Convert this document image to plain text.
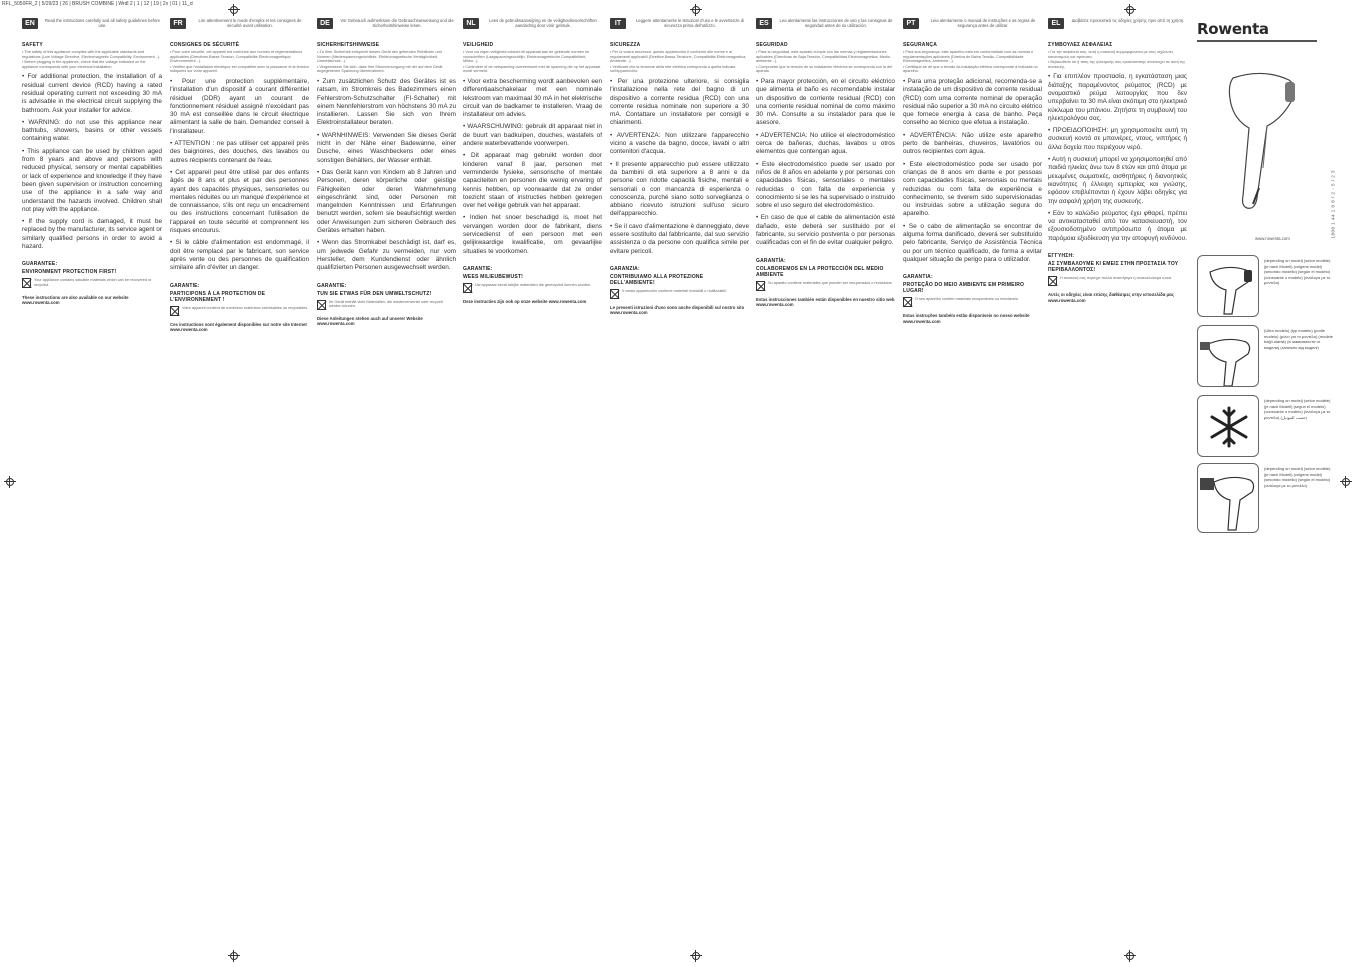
RFL_5050FR_2 | 5/29/23 | 26 | BRUSH COMBINE | Wrdl 2 | 1 | 12 | 19 | 2x | 01 | 11_d
EN	Read the instructions carefully and all safety guidelines before use.
SAFETY
• The safety of this appliance complies with the applicable standards and regulations (Low Voltage Directive, Electromagnetic Compatibility, Environment...).
• Before plugging in the appliance, check that the voltage indicated on the appliance corresponds with your electrical installation.
• For additional protection, the installation of a residual current device (RCD) having a rated residual operating current not exceeding 30 mA is advisable in the electrical circuit supplying the bathroom. Ask your installer for advice.
• WARNING: do not use this appliance near bathtubs, showers, basins or other vessels containing water.
• This appliance can be used by children aged from 8 years and above and persons with reduced physical, sensory or mental capabilities or lack of experience and knowledge if they have been given supervision or instruction concerning use of the appliance in a safe way and understand the hazards involved. Children shall not play with the appliance.
• If the supply cord is damaged, it must be replaced by the manufacturer, its service agent or similarly qualified persons in order to avoid a hazard.
GUARANTEE:
ENVIRONMENT PROTECTION FIRST!
Your appliance contains valuable materials which can be recovered or recycled.
These instructions are also available on our website www.rowenta.com
FR	Lire attentivement le mode d'emploi et les consignes de sécurité avant utilisation.
CONSIGNES DE SÉCURITÉ
• Pour votre sécurité, cet appareil est conforme aux normes et réglementations applicables (Directives Basse Tension, Compatibilité Électromagnétique, Environnement...).
• Vérifiez que l'installation électrique est compatible avec la puissance et la tension indiquées sur votre appareil.
• Pour une protection supplémentaire, l'installation d'un dispositif à courant différentiel résiduel (DDR) ayant un courant de fonctionnement résiduel assigné n'excédant pas 30 mA est conseillée dans le circuit électrique alimentant la salle de bain. Demandez conseil à l'installateur.
• ATTENTION : ne pas utiliser cet appareil près des baignoires, des douches, des lavabos ou autres récipients contenant de l'eau.
• Cet appareil peut être utilisé par des enfants âgés de 8 ans et plus et par des personnes ayant des capacités physiques, sensorielles ou mentales réduites ou un manque d'expérience et de connaissance, s'ils ont reçu un encadrement ou des instructions concernant l'utilisation de l'appareil en toute sécurité et comprennent les risques encourus.
• Si le câble d'alimentation est endommagé, il doit être remplacé par le fabricant, son service après vente ou des personnes de qualification similaire afin d'éviter un danger.
GARANTIE:
PARTICIPONS À LA PROTECTION DE L'ENVIRONNEMENT !
Votre appareil contient de nombreux matériaux valorisables ou recyclables.
Ces instructions sont également disponibles sur notre site Internet www.rowenta.com
DE	Vor Gebrauch aufmerksam die Gebrauchsanweisung und die Sicherheitshinweise lesen.
SICHERHEITSHINWEISE
• Zu Ihrer Sicherheit entspricht dieses Gerät den geltenden Richtlinien und Normen (Niederspannungsrichtlinie, Elektromagnetische Verträglichkeit, Umweltschutz...).
• Vergewissern Sie sich, dass Ihre Stromversorgung mit der auf dem Gerät angegebenen Spannung übereinstimmt.
• Zum zusätzlichen Schutz des Gerätes ist es ratsam, im Stromkreis des Badezimmers einen Fehlerstrom-Schutzschalter (FI-Schalter) mit einem Nennfehlerstrom von höchstens 30 mA zu installieren. Lassen Sie sich von Ihrem Elektroinstallateur beraten.
• WARNHINWEIS: Verwenden Sie dieses Gerät nicht in der Nähe einer Badewanne, einer Dusche, eines Waschbeckens oder eines sonstigen Behälters, der Wasser enthält.
• Das Gerät kann von Kindern ab 8 Jahren und Personen, deren körperliche oder geistige Fähigkeiten oder deren Wahrnehmung eingeschränkt sind, oder Personen mit mangelnden Kenntnissen und Erfahrungen benutzt werden, sofern sie beaufsichtigt werden oder Anweisungen zum sicheren Gebrauch des Gerätes erhalten haben.
• Wenn das Stromkabel beschädigt ist, darf es, um jedwede Gefahr zu vermeiden, nur vom Hersteller, dem Kundendienst oder ähnlich qualifizierten Personen ausgewechselt werden.
GARANTIE:
TUN SIE ETWAS FÜR DEN UMWELTSCHUTZ!
Ihr Gerät enthält viele Materialien, die wiederverwertet oder recycelt werden können.
Diese Anleitungen stehen auch auf unserer Website www.rowenta.com
NL	Lees de gebruiksaanwijzing en de veiligheidsvoorschriften aandachtig door vóór gebruik.
VEILIGHEID
• Voor uw eigen veiligheid voldoet dit apparaat aan de geldende normen en voorschriften (Laagspanningsrichtlijn, Elektromagnetische Compatibiliteit, Milieu...).
• Controleer of de netspanning overeenkomt met de spanning die op het apparaat wordt vermeld.
• Voor extra bescherming wordt aanbevolen een differentiaalschakelaar met een nominale lekstroom van maximaal 30 mA in het elektrische circuit van de badkamer te installeren. Vraag de installateur om advies.
• WAARSCHUWING: gebruik dit apparaat niet in de buurt van badkuipen, douches, wastafels of andere waterbevattende voorwerpen.
• Dit apparaat mag gebruikt worden door kinderen vanaf 8 jaar, personen met verminderde fysieke, sensorische of mentale capaciteiten en personen die weinig ervaring of kennis hebben, op voorwaarde dat ze onder toezicht staan of instructies hebben gekregen over het veilige gebruik van het apparaat.
• Indien het snoer beschadigd is, moet het vervangen worden door de fabrikant, diens servicedienst of een persoon met een gelijkwaardige kwalificatie, om gevaarlijke situaties te voorkomen.
GARANTIE:
WEES MILIEUBEWUST!
Uw apparaat bevat talrijke materialen die gerecycled kunnen worden.
Deze instructies zijn ook op onze website www.rowenta.com
IT	Leggere attentamente le istruzioni d'uso e le avvertenze di sicurezza prima dell'utilizzo.
SICUREZZA
• Per la vostra sicurezza, questo apparecchio è conforme alle norme e ai regolamenti applicabili (Direttive Bassa Tensione, Compatibilità Elettromagnetica, Ambiente...).
• Verificare che la tensione della rete elettrica corrisponda a quella indicata sull'apparecchio.
• Per una protezione ulteriore, si consiglia l'installazione nella rete del bagno di un dispositivo a corrente residua (RCD) con una corrente residua nominale non superiore a 30 mA. Contattare un installatore per consigli e chiarimenti.
• AVVERTENZA: Non utilizzare l'apparecchio vicino a vasche da bagno, docce, lavabi o altri contenitori d'acqua.
• Il presente apparecchio può essere utilizzato da bambini di età superiore a 8 anni e da persone con ridotte capacità fisiche, mentali e sensoriali o con mancanza di esperienza o conoscenza, purché siano sotto sorveglianza o abbiano ricevuto istruzioni sull'uso sicuro dell'apparecchio.
• Se il cavo d'alimentazione è danneggiato, deve essere sostituito dal fabbricante, dal suo servizio assistenza o da persone con qualifica simile per evitare pericoli.
GARANZIA:
CONTRIBUIAMO ALLA PROTEZIONE DELL'AMBIENTE!
Il vostro apparecchio contiene materiali riciclabili o riutilizzabili.
Le presenti istruzioni d'uso sono anche disponibili sul nostro sito www.rowenta.com
ES	Lea atentamente las instrucciones de uso y las consignas de seguridad antes de su utilización.
SEGURIDAD
• Para su seguridad, este aparato cumple con las normas y reglamentaciones aplicables (Directivas de Baja Tensión, Compatibilidad Electromagnética, Medio ambiente...).
• Compruebe que la tensión de su instalación eléctrica se corresponda con la del aparato.
• Para mayor protección, en el circuito eléctrico que alimenta el baño es recomendable instalar un dispositivo de corriente residual (RCD) con una corriente residual nominal de como máximo 30 mA. Consulte a su instalador para que le asesore.
• ADVERTENCIA: No utilice el electrodoméstico cerca de bañeras, duchas, lavabos u otros elementos que contengan agua.
• Este electrodoméstico puede ser usado por niños de 8 años en adelante y por personas con capacidades físicas, sensoriales o mentales reducidas o con falta de experiencia y conocimiento si se les ha supervisado o instruido sobre el uso seguro del electrodoméstico.
• En caso de que el cable de alimentación esté dañado, este deberá ser sustituido por el fabricante, su servicio postventa o por personas cualificadas con el fin de evitar cualquier peligro.
GARANTÍA:
COLABOREMOS EN LA PROTECCIÓN DEL MEDIO AMBIENTE
Su aparato contiene materiales que pueden ser recuperados o reciclados.
Estas instrucciones también están disponibles en nuestro sitio web www.rowenta.com
PT	Leia atentamente o manual de instruções e as regras de segurança antes de utilizar.
SEGURANÇA
• Para sua segurança, este aparelho está em conformidade com as normas e regulamentações aplicáveis (Diretiva de Baixa Tensão, Compatibilidade Eletromagnética, Ambiente...).
• Certifique-se de que a tensão da instalação elétrica corresponde à indicada no aparelho.
• Para uma proteção adicional, recomenda-se a instalação de um dispositivo de corrente residual (RCD) com uma corrente nominal de operação residual não superior a 30 mA no circuito elétrico que fornece energia à casa de banho. Peça conselho ao técnico que efetua a instalação.
• ADVERTÊNCIA: Não utilize este aparelho perto de banheiras, chuveiros, lavatórios ou outros recipientes com água.
• Este electrodoméstico pode ser usado por crianças de 8 anos em diante e por pessoas com capacidades físicas, sensoriais ou mentais reduzidas ou com falta de experiência e conhecimento, se tiverem sido supervisionadas ou instruídas sobre a utilização segura do aparelho.
• Se o cabo de alimentação se encontrar de alguma forma danificado, deverá ser substituído pelo fabricante, Serviço de Assistência Técnica ou por um técnico qualificado, de forma a evitar qualquer situação de perigo para o utilizador.
GARANTIA:
PROTEÇÃO DO MEIO AMBIENTE EM PRIMEIRO LUGAR!
O seu aparelho contém materiais recuperáveis ou recicláveis.
Estas instruções também estão disponíveis no nosso website www.rowenta.com
EL	Διαβάστε προσεκτικά τις οδηγίες χρήσης πριν από τη χρήση.
ΣΥΜΒΟΥΛΕΣ ΑΣΦΑΛΕΙΑΣ
• Για την ασφάλειά σας, αυτή η συσκευή συμμορφώνεται με τους ισχύοντες κανονισμούς και πρότυπα.
• Βεβαιωθείτε ότι η τάση της ηλεκτρικής σας εγκατάστασης αντιστοιχεί σε αυτή της συσκευής.
• Για επιπλέον προστασία, η εγκατάσταση μιας διάταξης παραμένοντος ρεύματος (RCD) με ονομαστικό ρεύμα λειτουργίας που δεν υπερβαίνει τα 30 mA είναι σκόπιμη στο ηλεκτρικό κύκλωμα του μπάνιου. Ζητήστε τη συμβουλή του ηλεκτρολόγου σας.
• ΠΡΟΕΙΔΟΠΟΙΗΣΗ: μη χρησιμοποιείτε αυτή τη συσκευή κοντά σε μπανιέρες, ντους, νιπτήρες ή άλλα δοχεία που περιέχουν νερό.
• Αυτή η συσκευή μπορεί να χρησιμοποιηθεί από παιδιά ηλικίας άνω των 8 ετών και από άτομα με μειωμένες σωματικές, αισθητήριες ή διανοητικές ικανότητες ή έλλειψη εμπειρίας και γνώσης, εφόσον επιβλέπονται ή έχουν λάβει οδηγίες για την ασφαλή χρήση της συσκευής.
• Εάν το καλώδιο ρεύματος έχει φθαρεί, πρέπει να αντικατασταθεί από τον κατασκευαστή, τον εξουσιοδοτημένο αντιπρόσωπο ή άτομα με παρόμοια εξειδίκευση για την αποφυγή κινδύνου.
ΕΓΓΥΗΣΗ:
ΑΣ ΣΥΜΒΑΛΟΥΜΕ ΚΙ ΕΜΕΙΣ ΣΤΗΝ ΠΡΟΣΤΑΣΙΑ ΤΟΥ ΠΕΡΙΒΑΛΛΟΝΤΟΣ!
Η συσκευή σας περιέχει πολλά ανακτήσιμα ή ανακυκλώσιμα υλικά.
Αυτές οι οδηγίες είναι επίσης διαθέσιμες στην ιστοσελίδα μας www.rowenta.com
Rowenta
1800 1 44 1 0 8 / 2 - 5 / 2 3
www.rowenta.com
(depending on model) (selon modèle) (je nach Modell) (volgens model) (secondo modello) (según el modelo) (consoante o modelo) (ανάλογα με το μοντέλο)
(Ultra modelu) (typ modelu) (podle modelu) (μόνο για το μοντέλο) (modele bağlı olarak) (в зависимости от модели) (залежно від моделі)
(depending on model) (selon modèle) (je nach Modell) (según el modelo) (consoante o modelo) (ανάλογα με το μοντέλο) (حسب الموديل)
(depending on model) (selon modèle) (je nach Modell) (volgens model) (secondo modello) (según el modelo) (ανάλογα με το μοντέλο)
